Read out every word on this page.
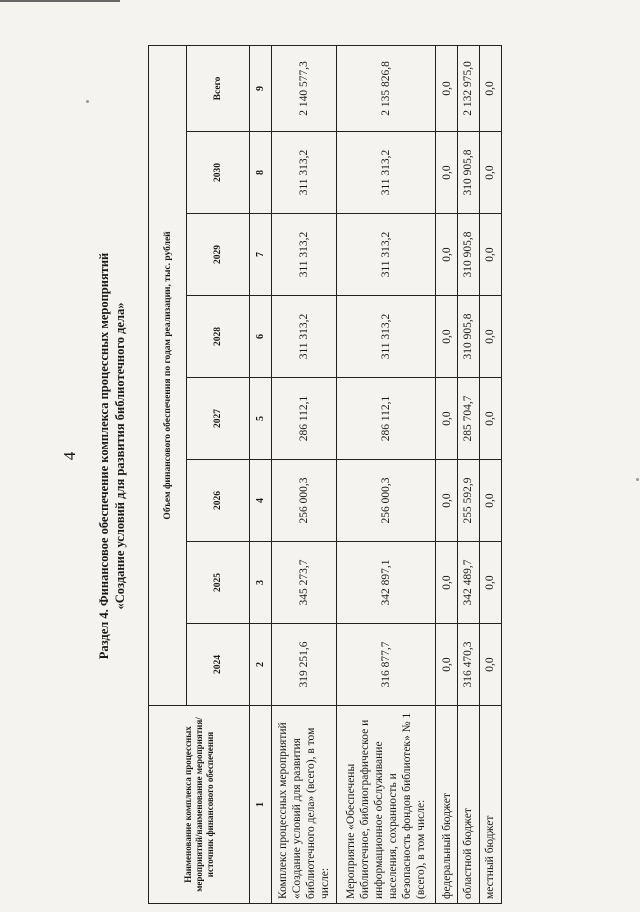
4 Раздел 4. Финансовое обеспечение комплекса процессных мероприятий «Создание условий для развития библиотечного дела»
Наименование комплекса процессных мероприятий/наименование мероприятия/источник финансового обеспечения	Объем финансового обеспечения по годам реализации, тыс. рублей							
	2024	2025	2026	2027	2028	2029	2030	Всего
1	2	3	4	5	6	7	8	9
Комплекс процессных мероприятий «Создание условий для развития библиотечного дела» (всего), в том числе:	319 251,6	345 273,7	256 000,3	286 112,1	311 313,2	311 313,2	311 313,2	2 140 577,3
Мероприятие «Обеспечены библиотечное, библиографическое и информационное обслуживание населения, сохранность и безопасность фондов библиотек» № 1 (всего), в том числе:	316 877,7	342 897,1	256 000,3	286 112,1	311 313,2	311 313,2	311 313,2	2 135 826,8
федеральный бюджет	0,0	0,0	0,0	0,0	0,0	0,0	0,0	0,0
областной бюджет	316 470,3	342 489,7	255 592,9	285 704,7	310 905,8	310 905,8	310 905,8	2 132 975,0
местный бюджет	0,0	0,0	0,0	0,0	0,0	0,0	0,0	0,0
